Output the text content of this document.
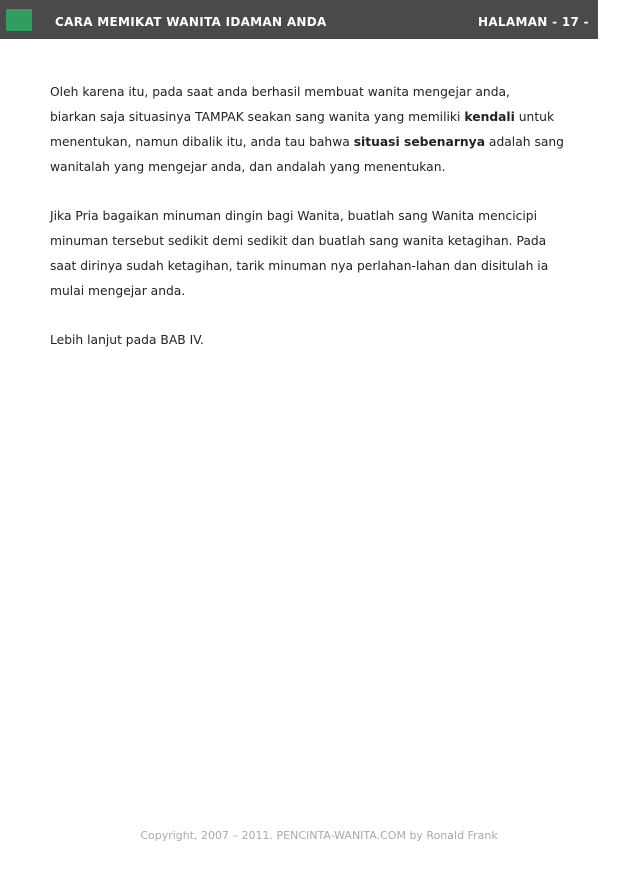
CARA MEMIKAT WANITA IDAMAN ANDA	HALAMAN - 17 -

Oleh karena itu, pada saat anda berhasil membuat wanita mengejar anda,
biarkan saja situasinya TAMPAK seakan sang wanita yang memiliki kendali untuk
menentukan, namun dibalik itu, anda tau bahwa situasi sebenarnya adalah sang
wanitalah yang mengejar anda, dan andalah yang menentukan.

Jika Pria bagaikan minuman dingin bagi Wanita, buatlah sang Wanita mencicipi
minuman tersebut sedikit demi sedikit dan buatlah sang wanita ketagihan. Pada
saat dirinya sudah ketagihan, tarik minuman nya perlahan-lahan dan disitulah ia
mulai mengejar anda.

Lebih lanjut pada BAB IV.

Copyright, 2007 – 2011. PENCINTA-WANITA.COM by Ronald Frank
